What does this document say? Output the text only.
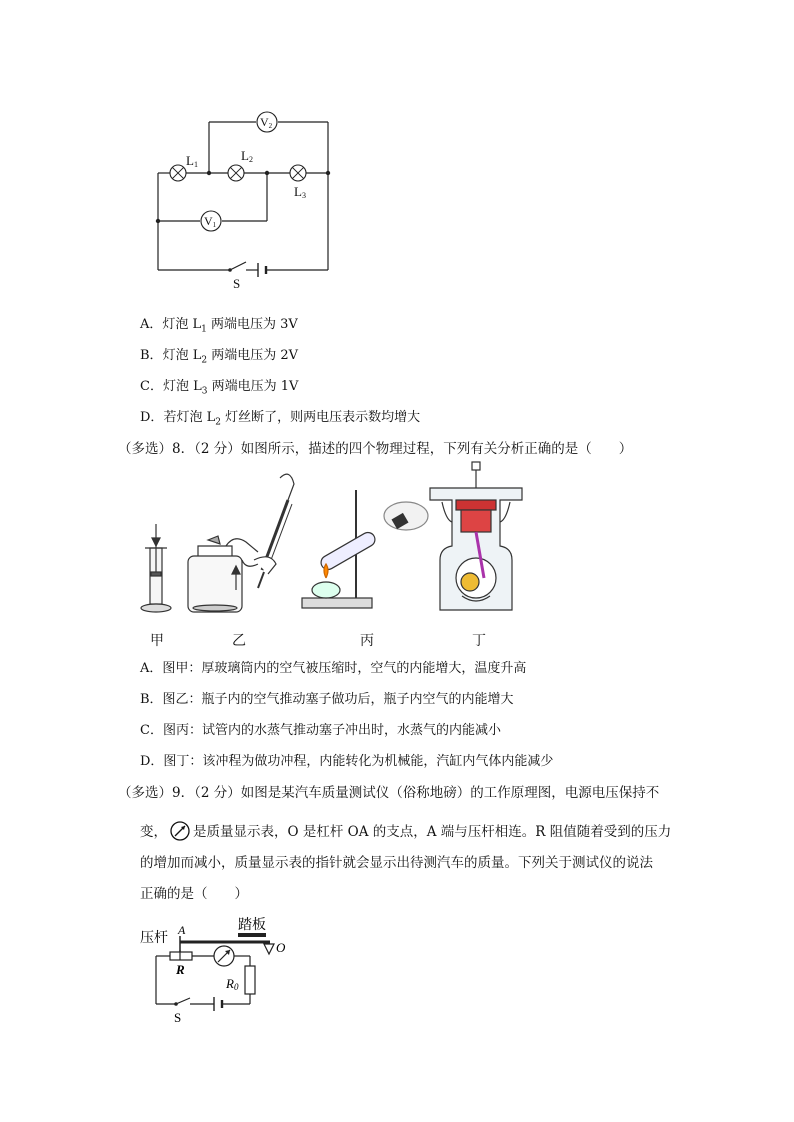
L1
L2
L3
V2
V1
S
A．灯泡 $L_1$ 两端电压为 3V
B．灯泡 $L_2$ 两端电压为 2V
C．灯泡 $L_3$ 两端电压为 1V
D．若灯泡 $L_2$ 灯丝断了，则两电压表示数均增大
（多选）8．（2 分）如图所示，描述的四个物理过程，下列有关分析正确的是（　　）
甲	乙	丙	丁
A．图甲：厚玻璃筒内的空气被压缩时，空气的内能增大，温度升高
B．图乙：瓶子内的空气推动塞子做功后，瓶子内空气的内能增大
C．图丙：试管内的水蒸气推动塞子冲出时，水蒸气的内能减小
D．图丁：该冲程为做功冲程，内能转化为机械能，汽缸内气体内能减少
（多选）9．（2 分）如图是某汽车质量测试仪（俗称地磅）的工作原理图，电源电压保持不
变， 是质量显示表，O 是杠杆 OA 的支点，A 端与压杆相连。R 阻值随着受到的压力
的增加而减小，质量显示表的指针就会显示出待测汽车的质量。下列关于测试仪的说法
正确的是（　　）
压杆
A	踏板
O
R
R0
S
